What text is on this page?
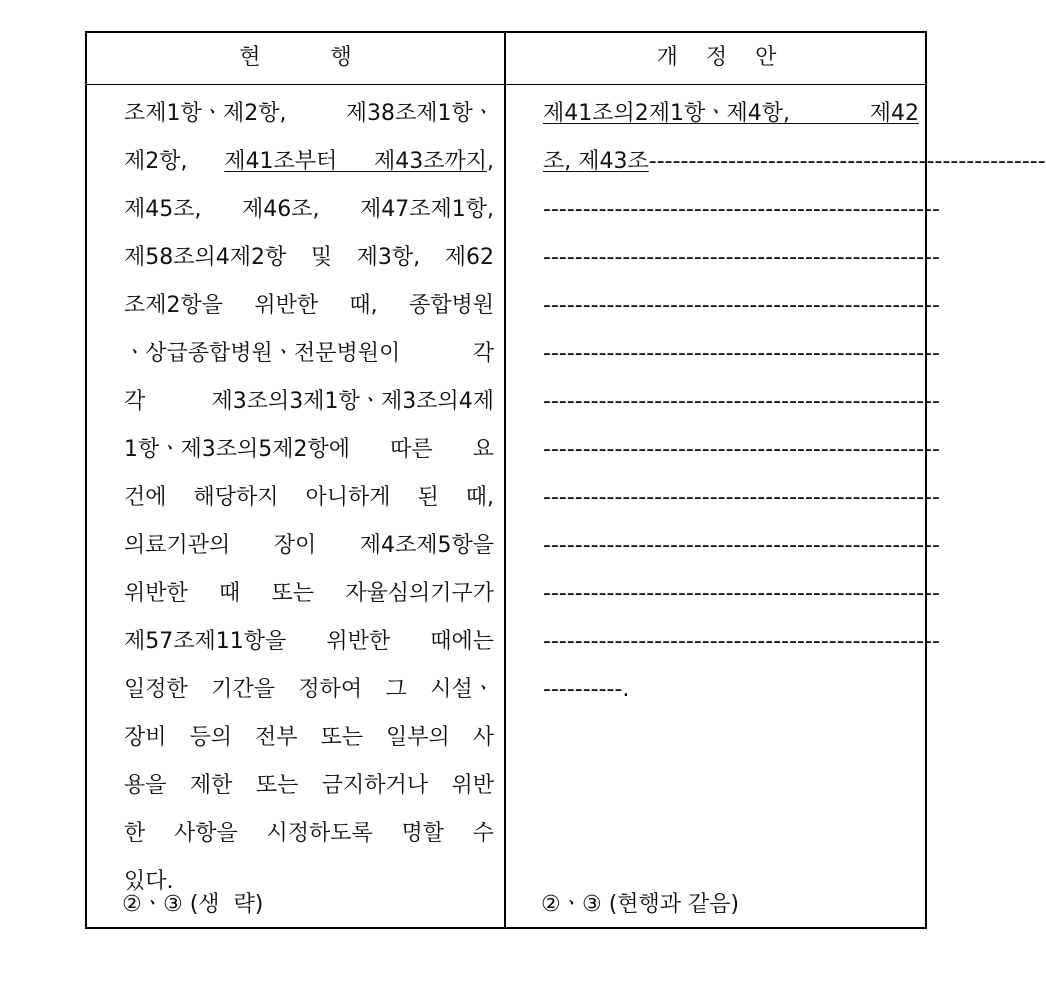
현          행	개    정    안
조제1항ㆍ제2항, 제38조제1항ㆍ
제2항, 제41조부터 제43조까지,
제45조, 제46조, 제47조제1항,
제58조의4제2항 및 제3항, 제62
조제2항을 위반한 때, 종합병원
ㆍ상급종합병원ㆍ전문병원이 각
각 제3조의3제1항ㆍ제3조의4제
1항ㆍ제3조의5제2항에 따른 요
건에 해당하지 아니하게 된 때,
의료기관의 장이 제4조제5항을
위반한 때 또는 자율심의기구가
제57조제11항을 위반한 때에는
일정한 기간을 정하여 그 시설ㆍ
장비 등의 전부 또는 일부의 사
용을 제한 또는 금지하거나 위반
한 사항을 시정하도록 명할 수
있다.
제41조의2제1항ㆍ제4항, 제42
조, 제43조 --------------------------------------------------
--------------------------------------------------
--------------------------------------------------
--------------------------------------------------
--------------------------------------------------
--------------------------------------------------
--------------------------------------------------
--------------------------------------------------
--------------------------------------------------
--------------------------------------------------
--------------------------------------------------
----------.
②ㆍ③ (생  략)	②ㆍ③ (현행과 같음)
